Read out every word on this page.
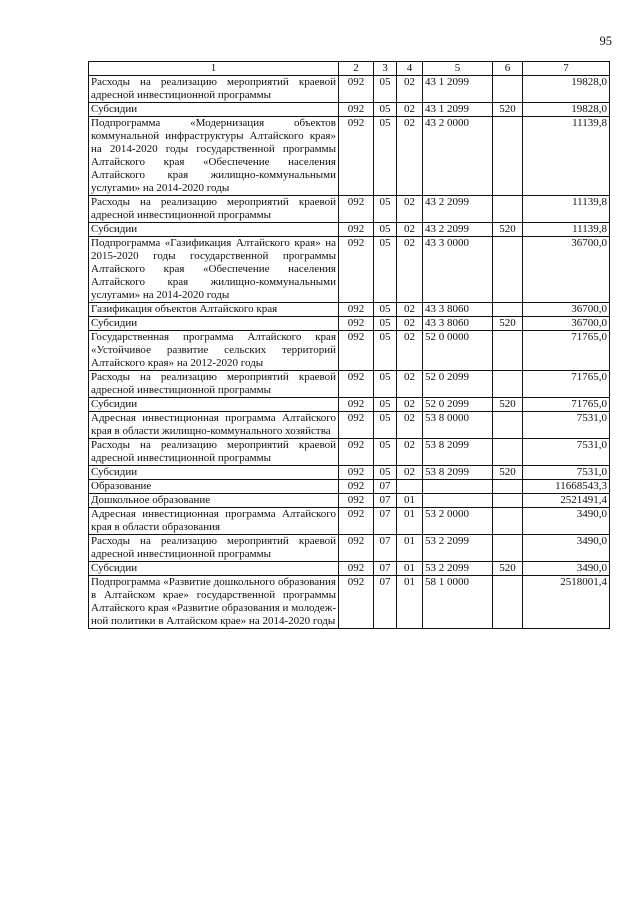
95
1	2	3	4	5	6	7
Расходы на реализацию мероприятий краевой адресной инвестиционной программы	092	05	02	43 1 2099		19828,0
Субсидии	092	05	02	43 1 2099	520	19828,0
Подпрограмма «Модернизация объектов коммунальной инфраструктуры Алтайского края» на 2014-2020 годы государственной программы Алтайского края «Обеспечение населения Алтайского края жилищно-коммунальными услугами» на 2014-2020 годы	092	05	02	43 2 0000		11139,8
Расходы на реализацию мероприятий краевой адресной инвестиционной программы	092	05	02	43 2 2099		11139,8
Субсидии	092	05	02	43 2 2099	520	11139,8
Подпрограмма «Газификация Алтайского края» на 2015-2020 годы государственной программы Алтайского края «Обеспечение населения Алтайского края жилищно-коммунальными услугами» на 2014-2020 годы	092	05	02	43 3 0000		36700,0
Газификация объектов Алтайского края	092	05	02	43 3 8060		36700,0
Субсидии	092	05	02	43 3 8060	520	36700,0
Государственная программа Алтайского края «Устойчивое развитие сельских территорий Алтайского края» на 2012-2020 годы	092	05	02	52 0 0000		71765,0
Расходы на реализацию мероприятий краевой адресной инвестиционной программы	092	05	02	52 0 2099		71765,0
Субсидии	092	05	02	52 0 2099	520	71765,0
Адресная инвестиционная программа Алтайского края в области жилищно-коммунального хозяйства	092	05	02	53 8 0000		7531,0
Расходы на реализацию мероприятий краевой адресной инвестиционной программы	092	05	02	53 8 2099		7531,0
Субсидии	092	05	02	53 8 2099	520	7531,0
Образование	092	07				11668543,3
Дошкольное образование	092	07	01			2521491,4
Адресная инвестиционная программа Алтайского края в области образования	092	07	01	53 2 0000		3490,0
Расходы на реализацию мероприятий краевой адресной инвестиционной программы	092	07	01	53 2 2099		3490,0
Субсидии	092	07	01	53 2 2099	520	3490,0
Подпрограмма «Развитие дошкольного образования в Алтайском крае» государственной программы Алтайского края «Развитие образования и молодежной политики в Алтайском крае» на 2014-2020 годы	092	07	01	58 1 0000		2518001,4
